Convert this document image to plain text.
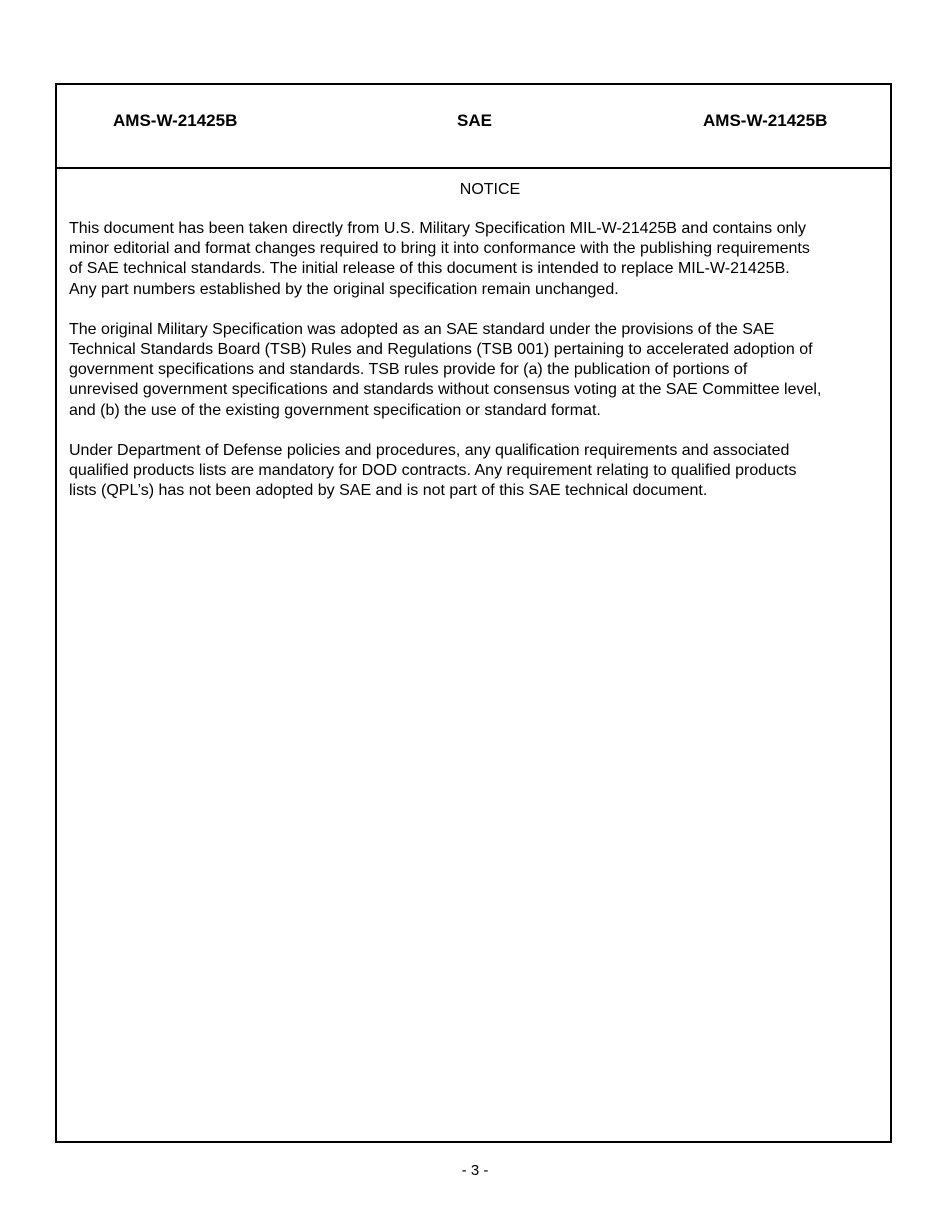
AMS-W-21425B	SAE	AMS-W-21425B
NOTICE

This document has been taken directly from U.S. Military Specification MIL-W-21425B and contains only
minor editorial and format changes required to bring it into conformance with the publishing requirements
of SAE technical standards. The initial release of this document is intended to replace MIL-W-21425B.
Any part numbers established by the original specification remain unchanged.

The original Military Specification was adopted as an SAE standard under the provisions of the SAE
Technical Standards Board (TSB) Rules and Regulations (TSB 001) pertaining to accelerated adoption of
government specifications and standards. TSB rules provide for (a) the publication of portions of
unrevised government specifications and standards without consensus voting at the SAE Committee level,
and (b) the use of the existing government specification or standard format.

Under Department of Defense policies and procedures, any qualification requirements and associated
qualified products lists are mandatory for DOD contracts. Any requirement relating to qualified products
lists (QPL’s) has not been adopted by SAE and is not part of this SAE technical document.

- 3 -
